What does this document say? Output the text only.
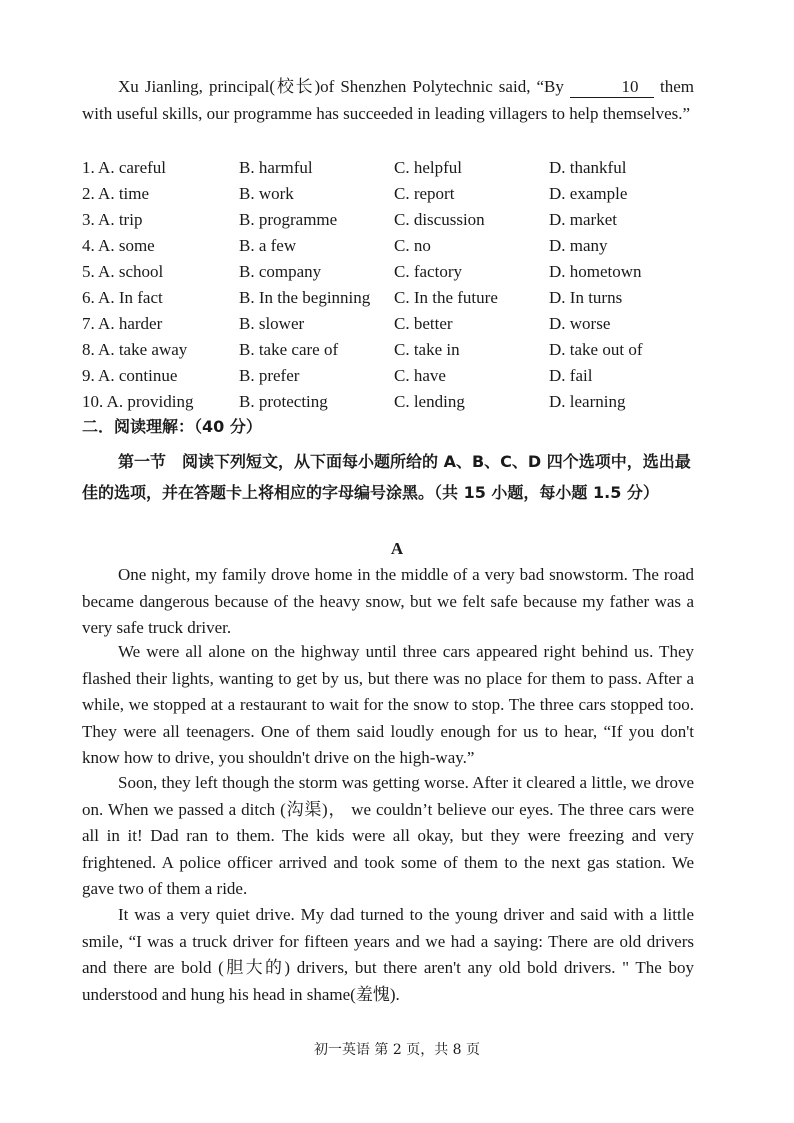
Xu Jianling, principal(校长)of Shenzhen Polytechnic said, “By	10 them with useful skills, our programme has succeeded in leading villagers to help themselves.”

1. A. careful	B. harmful	C. helpful	D. thankful
2. A. time	B. work	C. report	D. example
3. A. trip	B. programme	C. discussion	D. market
4. A. some	B. a few	C. no	D. many
5. A. school	B. company	C. factory	D. hometown
6. A. In fact	B. In the beginning	C. In the future	D. In turns
7. A. harder	B. slower	C. better	D. worse
8. A. take away	B. take care of	C. take in	D. take out of
9. A. continue	B. prefer	C. have	D. fail
10. A. providing	B. protecting	C. lending	D. learning
二．阅读理解：（40 分）

第一节　阅读下列短文，从下面每小题所给的 A、B、C、D 四个选项中，选出最佳的选项，并在答题卡上将相应的字母编号涂黑。（共 15 小题，每小题 1.5 分）

A

One night, my family drove home in the middle of a very bad snowstorm. The road became dangerous because of the heavy snow, but we felt safe because my father was a very safe truck driver.

We were all alone on the highway until three cars appeared right behind us. They flashed their lights, wanting to get by us, but there was no place for them to pass. After a while, we stopped at a restaurant to wait for the snow to stop. The three cars stopped too. They were all teenagers. One of them said loudly enough for us to hear, “If you don't know how to drive, you shouldn't drive on the high-way.”

Soon, they left though the storm was getting worse. After it cleared a little, we drove on. When we passed a ditch (沟渠)， we couldn’t believe our eyes. The three cars were all in it! Dad ran to them. The kids were all okay, but they were freezing and very frightened. A police officer arrived and took some of them to the next gas station. We gave two of them a ride.

It was a very quiet drive. My dad turned to the young driver and said with a little smile, “I was a truck driver for fifteen years and we had a saying: There are old drivers and there are bold (胆大的) drivers, but there aren't any old bold drivers. " The boy understood and hung his head in shame(羞愧).

初一英语 第 2 页，共 8 页
